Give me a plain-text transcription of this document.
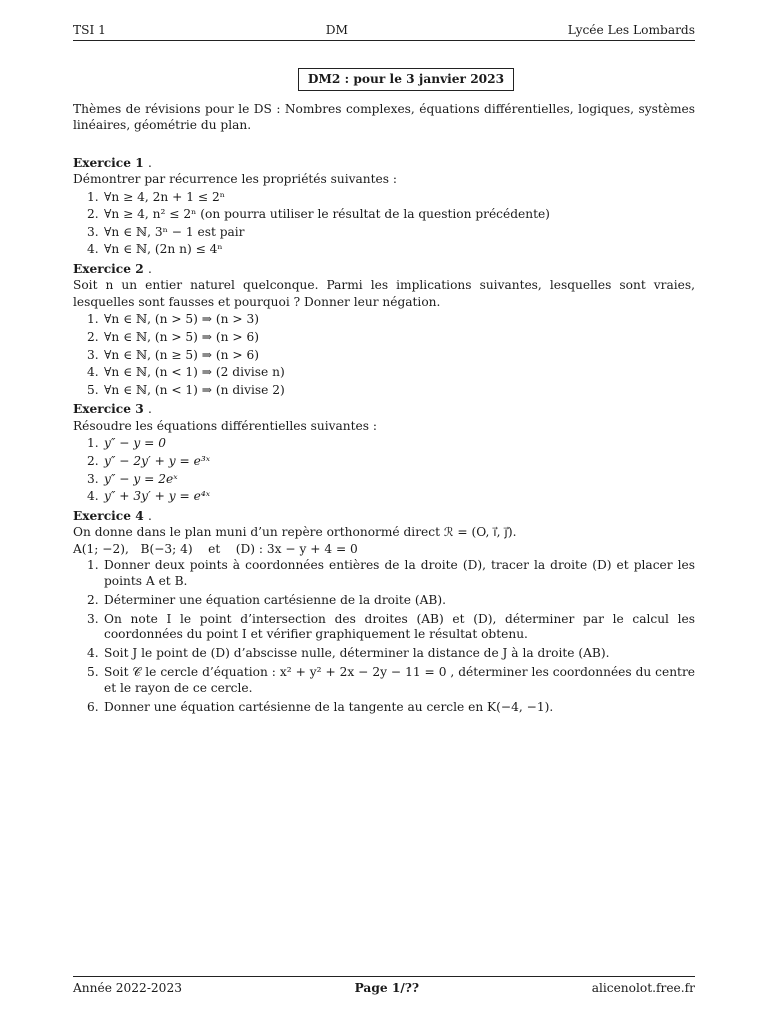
TSI 1	DM	Lycée Les Lombards
DM2 : pour le 3 janvier 2023

Thèmes de révisions pour le DS : Nombres complexes, équations différentielles, logiques, systèmes linéaires, géométrie du plan.

Exercice 1 .

Démontrer par récurrence les propriétés suivantes :

1. ∀n ≥ 4, 2n + 1 ≤ 2ⁿ
2. ∀n ≥ 4, n² ≤ 2ⁿ (on pourra utiliser le résultat de la question précédente)
3. ∀n ∈ ℕ, 3ⁿ − 1 est pair
4. ∀n ∈ ℕ, (2n n) ≤ 4ⁿ
Exercice 2 .

Soit n un entier naturel quelconque. Parmi les implications suivantes, lesquelles sont vraies, lesquelles sont fausses et pourquoi ? Donner leur négation.

1. ∀n ∈ ℕ, (n > 5) ⇒ (n > 3)
2. ∀n ∈ ℕ, (n > 5) ⇒ (n > 6)
3. ∀n ∈ ℕ, (n ≥ 5) ⇒ (n > 6)
4. ∀n ∈ ℕ, (n < 1) ⇒ (2 divise n)
5. ∀n ∈ ℕ, (n < 1) ⇒ (n divise 2)
Exercice 3 .

Résoudre les équations différentielles suivantes :

1. y″ − y = 0
2. y″ − 2y′ + y = e³ˣ
3. y″ − y = 2eˣ
4. y″ + 3y′ + y = e⁴ˣ
Exercice 4 .

On donne dans le plan muni d’un repère orthonormé direct ℛ = (O, i⃗, j⃗).

A(1; −2),   B(−3; 4)    et    (D) : 3x − y + 4 = 0

1. Donner deux points à coordonnées entières de la droite (D), tracer la droite (D) et placer les points A et B.
2. Déterminer une équation cartésienne de la droite (AB).
3. On note I le point d’intersection des droites (AB) et (D), déterminer par le calcul les coordonnées du point I et vérifier graphiquement le résultat obtenu.
4. Soit J le point de (D) d’abscisse nulle, déterminer la distance de J à la droite (AB).
5. Soit 𝒞 le cercle d’équation : x² + y² + 2x − 2y − 11 = 0 , déterminer les coordonnées du centre et le rayon de ce cercle.
6. Donner une équation cartésienne de la tangente au cercle en K(−4, −1).
Année 2022-2023	Page 1/??	alicenolot.free.fr
